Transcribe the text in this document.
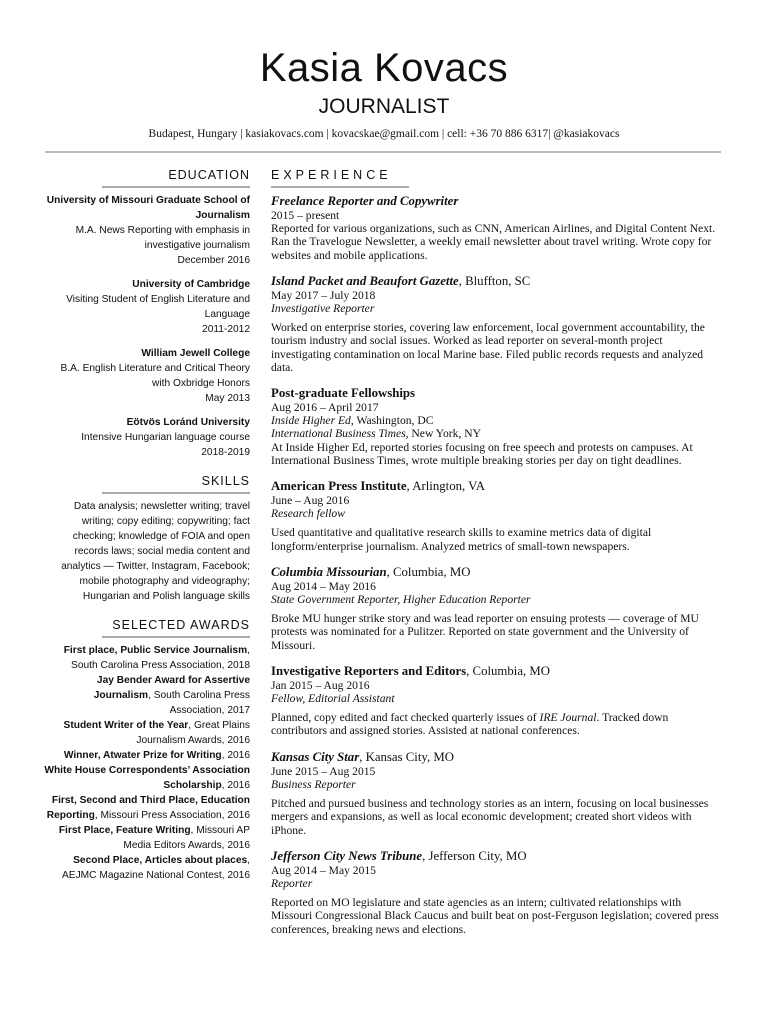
Kasia Kovacs
JOURNALIST
Budapest, Hungary | kasiakovacs.com | kovacskae@gmail.com | cell: +36 70 886 6317| @kasiakovacs
EDUCATION
University of Missouri Graduate School of Journalism
M.A. News Reporting with emphasis in investigative journalism
December 2016
University of Cambridge
Visiting Student of English Literature and Language
2011-2012
William Jewell College
B.A. English Literature and Critical Theory with Oxbridge Honors
May 2013
Eötvös Loránd University
Intensive Hungarian language course
2018-2019
SKILLS
Data analysis; newsletter writing; travel writing; copy editing; copywriting; fact checking; knowledge of FOIA and open records laws; social media content and analytics — Twitter, Instagram, Facebook; mobile photography and videography; Hungarian and Polish language skills
SELECTED AWARDS
First place, Public Service Journalism, South Carolina Press Association, 2018
Jay Bender Award for Assertive Journalism, South Carolina Press Association, 2017
Student Writer of the Year, Great Plains Journalism Awards, 2016
Winner, Atwater Prize for Writing, 2016
White House Correspondents’ Association Scholarship, 2016
First, Second and Third Place, Education Reporting, Missouri Press Association, 2016
First Place, Feature Writing, Missouri AP Media Editors Awards, 2016
Second Place, Articles about places, AEJMC Magazine National Contest, 2016
EXPERIENCE
Freelance Reporter and Copywriter
2015 – present
Reported for various organizations, such as CNN, American Airlines, and Digital Content Next. Ran the Travelogue Newsletter, a weekly email newsletter about travel writing. Wrote copy for websites and mobile applications.
Island Packet and Beaufort Gazette, Bluffton, SC
May 2017 – July 2018
Investigative Reporter
Worked on enterprise stories, covering law enforcement, local government accountability, the tourism industry and social issues. Worked as lead reporter on several-month project investigating contamination on local Marine base. Filed public records requests and analyzed data.
Post-graduate Fellowships
Aug 2016 – April 2017
Inside Higher Ed, Washington, DC
International Business Times, New York, NY
At Inside Higher Ed, reported stories focusing on free speech and protests on campuses. At International Business Times, wrote multiple breaking stories per day on tight deadlines.
American Press Institute, Arlington, VA
June – Aug 2016
Research fellow
Used quantitative and qualitative research skills to examine metrics data of digital longform/enterprise journalism. Analyzed metrics of small-town newspapers.
Columbia Missourian, Columbia, MO
Aug 2014 – May 2016
State Government Reporter, Higher Education Reporter
Broke MU hunger strike story and was lead reporter on ensuing protests — coverage of MU protests was nominated for a Pulitzer. Reported on state government and the University of Missouri.
Investigative Reporters and Editors, Columbia, MO
Jan 2015 – Aug 2016
Fellow, Editorial Assistant
Planned, copy edited and fact checked quarterly issues of IRE Journal. Tracked down contributors and assigned stories. Assisted at national conferences.
Kansas City Star, Kansas City, MO
June 2015 – Aug 2015
Business Reporter
Pitched and pursued business and technology stories as an intern, focusing on local businesses mergers and expansions, as well as local economic development; created short videos with iPhone.
Jefferson City News Tribune, Jefferson City, MO
Aug 2014 – May 2015
Reporter
Reported on MO legislature and state agencies as an intern; cultivated relationships with Missouri Congressional Black Caucus and built beat on post-Ferguson legislation; covered press conferences, breaking news and elections.
